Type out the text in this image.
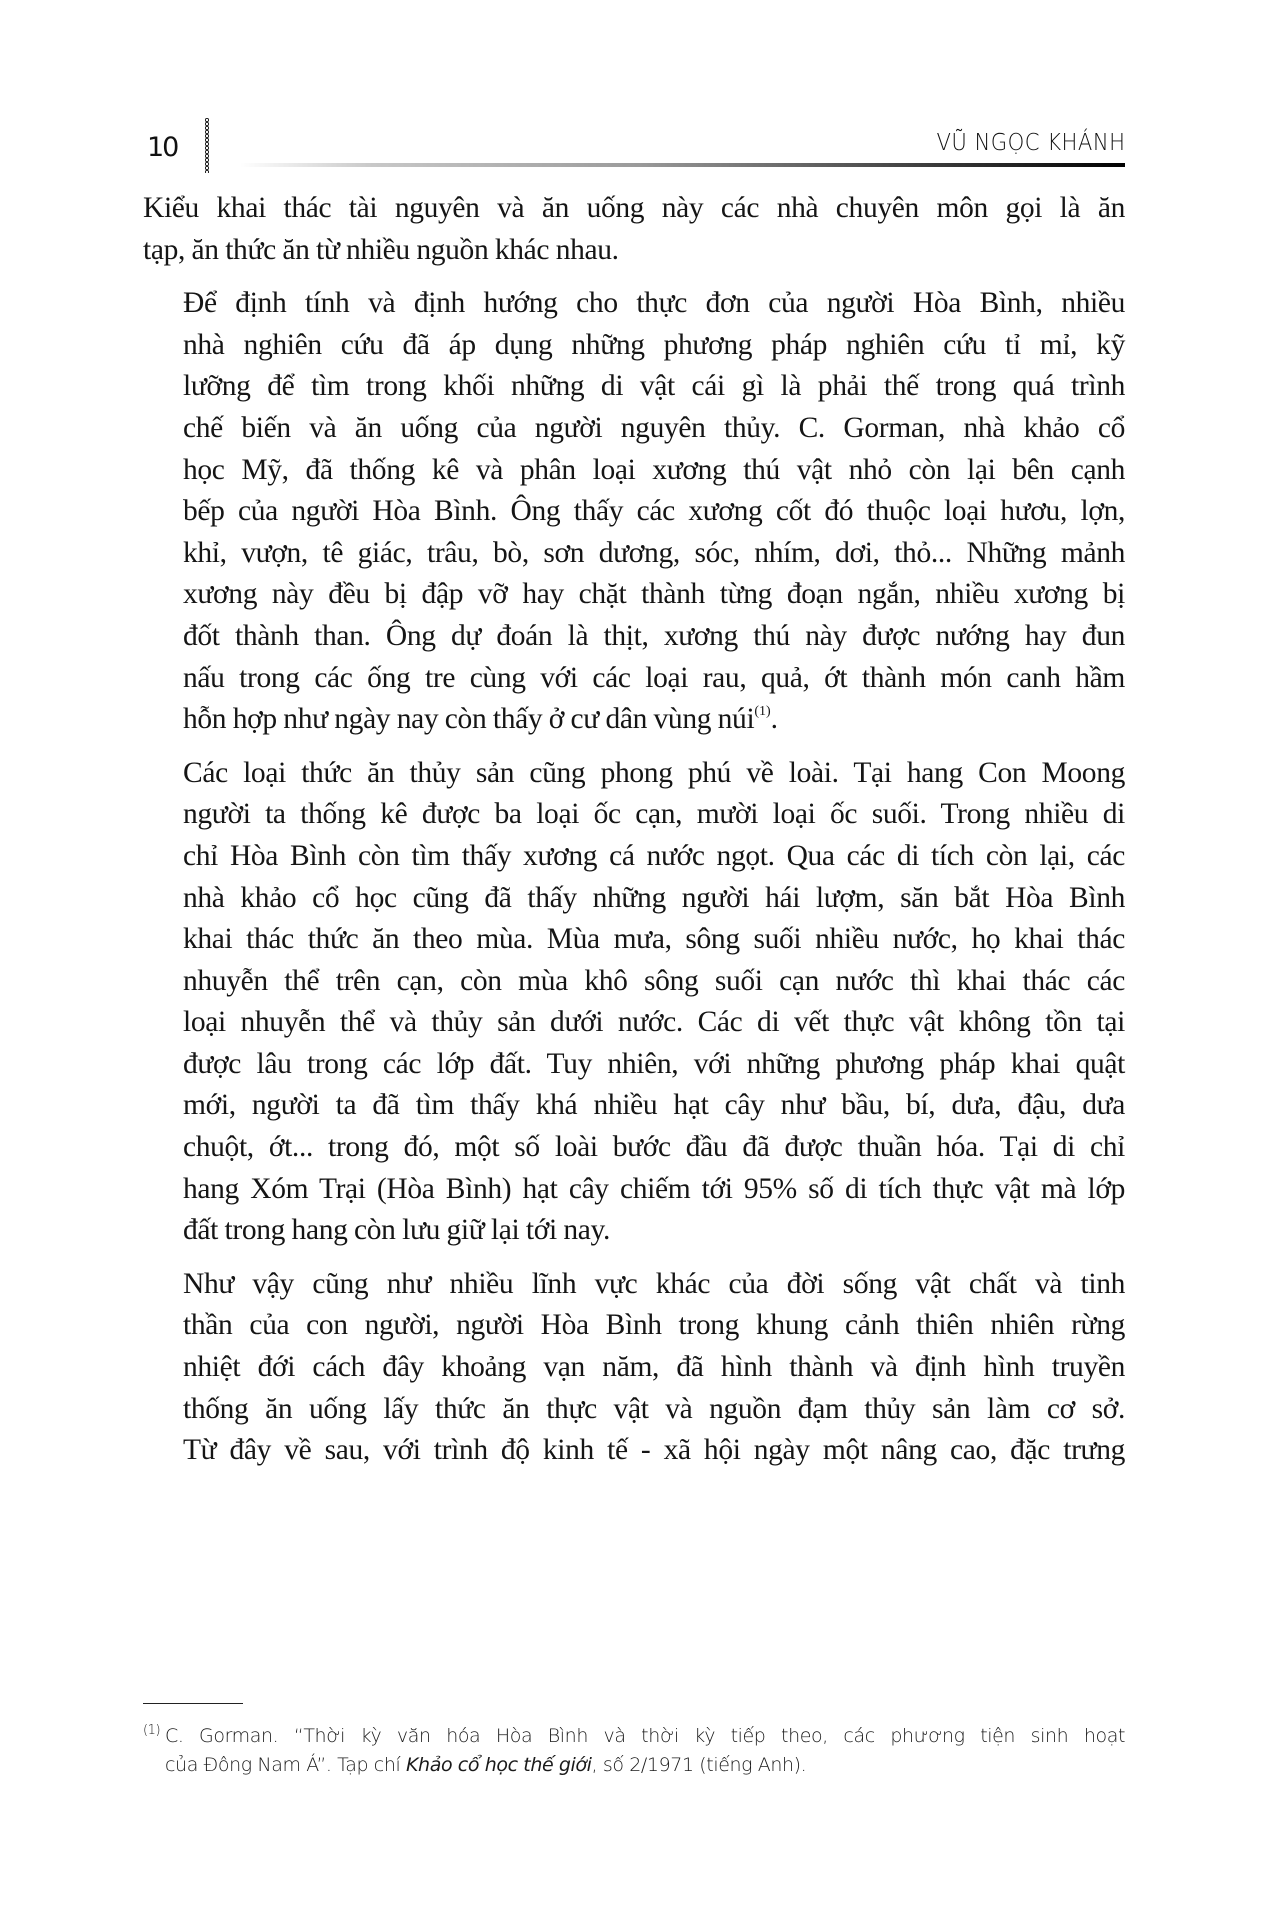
10	VŨ NGỌC KHÁNH
Kiểu khai thác tài nguyên và ăn uống này các nhà chuyên môn gọi là ăn
tạp, ăn thức ăn từ nhiều nguồn khác nhau.
Để định tính và định hướng cho thực đơn của người Hòa Bình, nhiều
nhà nghiên cứu đã áp dụng những phương pháp nghiên cứu tỉ mỉ, kỹ
lưỡng để tìm trong khối những di vật cái gì là phải thế trong quá trình
chế biến và ăn uống của người nguyên thủy. C. Gorman, nhà khảo cổ
học Mỹ, đã thống kê và phân loại xương thú vật nhỏ còn lại bên cạnh
bếp của người Hòa Bình. Ông thấy các xương cốt đó thuộc loại hươu, lợn,
khỉ, vượn, tê giác, trâu, bò, sơn dương, sóc, nhím, dơi, thỏ... Những mảnh
xương này đều bị đập vỡ hay chặt thành từng đoạn ngắn, nhiều xương bị
đốt thành than. Ông dự đoán là thịt, xương thú này được nướng hay đun
nấu trong các ống tre cùng với các loại rau, quả, ớt thành món canh hầm
hỗn hợp như ngày nay còn thấy ở cư dân vùng núi$^{(1)}$.
Các loại thức ăn thủy sản cũng phong phú về loài. Tại hang Con Moong
người ta thống kê được ba loại ốc cạn, mười loại ốc suối. Trong nhiều di
chỉ Hòa Bình còn tìm thấy xương cá nước ngọt. Qua các di tích còn lại, các
nhà khảo cổ học cũng đã thấy những người hái lượm, săn bắt Hòa Bình
khai thác thức ăn theo mùa. Mùa mưa, sông suối nhiều nước, họ khai thác
nhuyễn thể trên cạn, còn mùa khô sông suối cạn nước thì khai thác các
loại nhuyễn thể và thủy sản dưới nước. Các di vết thực vật không tồn tại
được lâu trong các lớp đất. Tuy nhiên, với những phương pháp khai quật
mới, người ta đã tìm thấy khá nhiều hạt cây như bầu, bí, dưa, đậu, dưa
chuột, ớt... trong đó, một số loài bước đầu đã được thuần hóa. Tại di chỉ
hang Xóm Trại (Hòa Bình) hạt cây chiếm tới 95% số di tích thực vật mà lớp
đất trong hang còn lưu giữ lại tới nay.
Như vậy cũng như nhiều lĩnh vực khác của đời sống vật chất và tinh
thần của con người, người Hòa Bình trong khung cảnh thiên nhiên rừng
nhiệt đới cách đây khoảng vạn năm, đã hình thành và định hình truyền
thống ăn uống lấy thức ăn thực vật và nguồn đạm thủy sản làm cơ sở.
Từ đây về sau, với trình độ kinh tế - xã hội ngày một nâng cao, đặc trưng
(1) C. Gorman. “Thời kỳ văn hóa Hòa Bình và thời kỳ tiếp theo, các phương tiện sinh hoạt
của Đông Nam Á”. Tạp chí Khảo cổ học thế giới, số 2/1971 (tiếng Anh).
